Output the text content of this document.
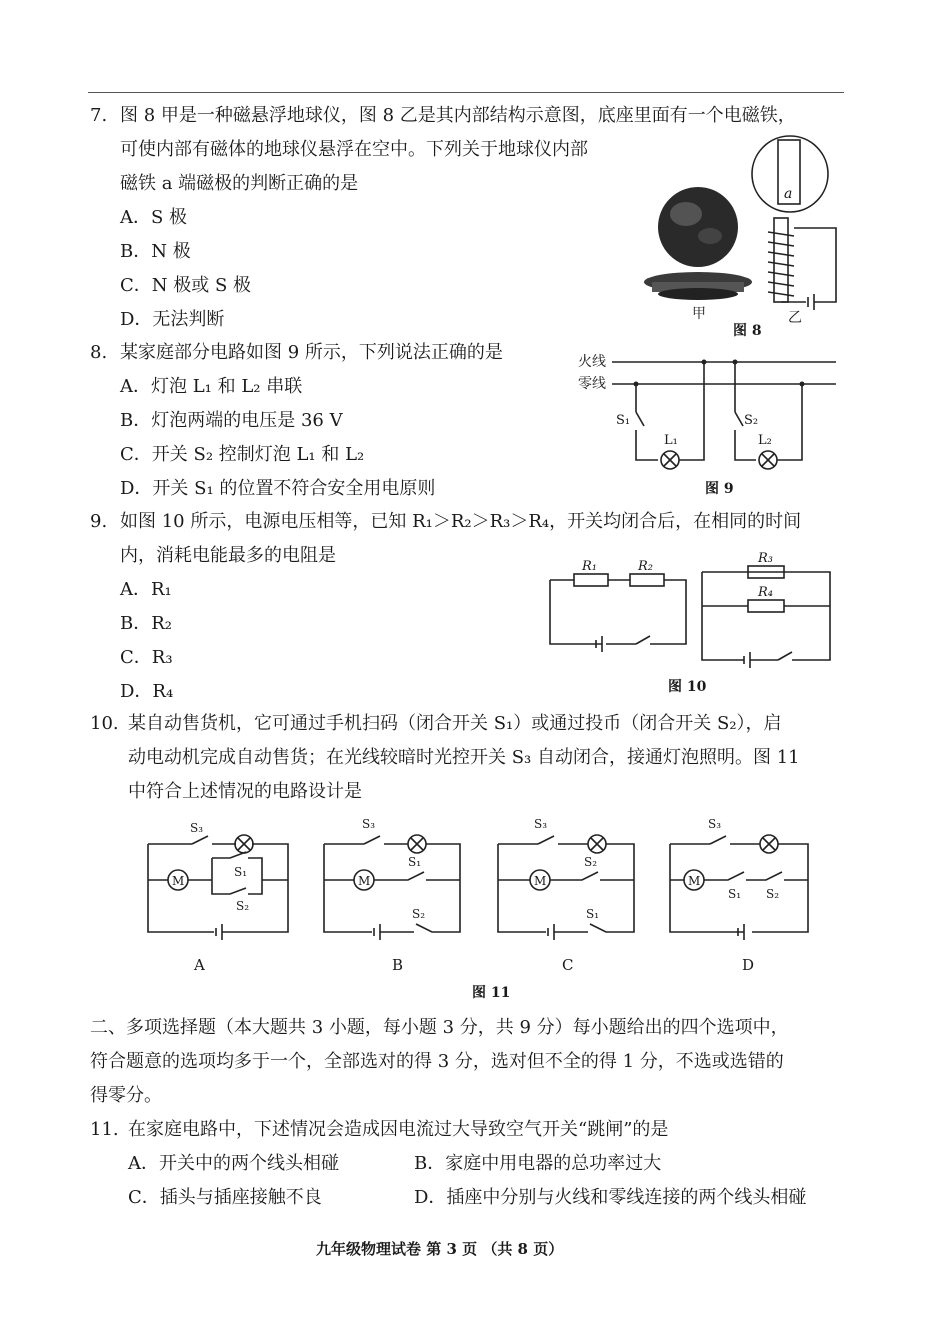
7. 图 8 甲是一种磁悬浮地球仪，图 8 乙是其内部结构示意图，底座里面有一个电磁铁，
可使内部有磁体的地球仪悬浮在空中。下列关于地球仪内部
磁铁 a 端磁极的判断正确的是
A．S 极
B．N 极
C．N 极或 S 极
D．无法判断	甲
a
乙
图 8
8. 某家庭部分电路如图 9 所示，下列说法正确的是
A．灯泡 L₁ 和 L₂ 串联
B．灯泡两端的电压是 36 V
C．开关 S₂ 控制灯泡 L₁ 和 L₂
D．开关 S₁ 的位置不符合安全用电原则
火线
零线
S₁
L₁
S₂
L₂
图 9
9. 如图 10 所示，电源电压相等，已知 R₁＞R₂＞R₃＞R₄，开关均闭合后，在相同的时间
内，消耗电能最多的电阻是
A．R₁
B．R₂
C．R₃
D．R₄
R₁	R₂
R₃
R₄
图 10
10. 某自动售货机，它可通过手机扫码（闭合开关 S₁）或通过投币（闭合开关 S₂），启
动电动机完成自动售货；在光线较暗时光控开关 S₃ 自动闭合，接通灯泡照明。图 11
中符合上述情况的电路设计是
S₃
M
S₁
S₂
A
S₃
M
S₁
S₂
B
S₃
M
S₂
S₁
C
S₃
M
S₁ S₂
D
图 11
二、多项选择题（本大题共 3 小题，每小题 3 分，共 9 分）每小题给出的四个选项中，
符合题意的选项均多于一个，全部选对的得 3 分，选对但不全的得 1 分，不选或选错的
得零分。
11. 在家庭电路中，下述情况会造成因电流过大导致空气开关“跳闸”的是
A．开关中的两个线头相碰	B．家庭中用电器的总功率过大
C．插头与插座接触不良	D．插座中分别与火线和零线连接的两个线头相碰
九年级物理试卷 第 3 页 （共 8 页）
